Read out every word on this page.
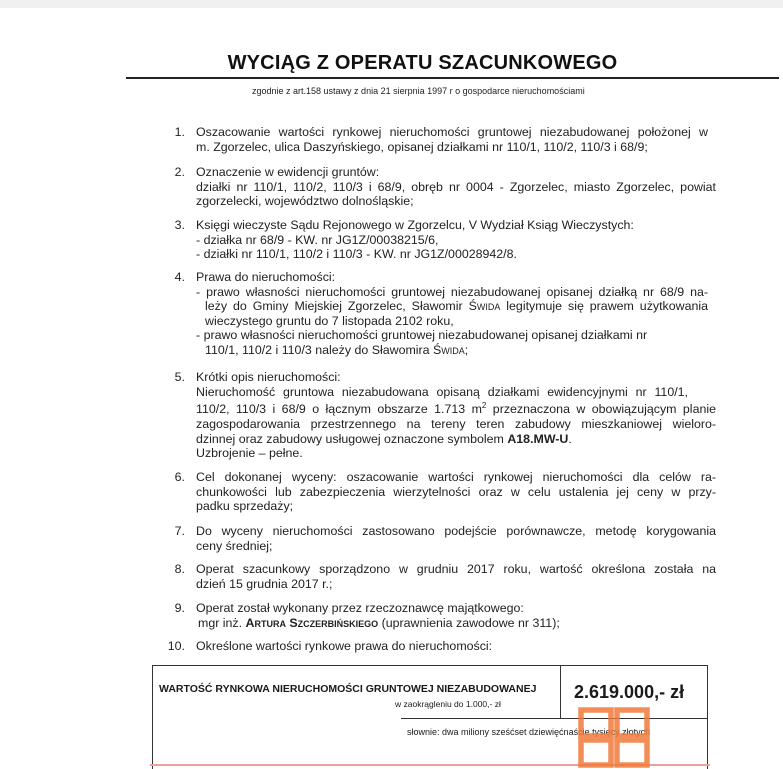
WYCIĄG Z OPERATU SZACUNKOWEGO
zgodnie z art.158 ustawy z dnia 21 sierpnia 1997 r o gospodarce nieruchomościami
1. Oszacowanie wartości rynkowej nieruchomości gruntowej niezabudowanej położonej w
m. Zgorzelec, ulica Daszyńskiego, opisanej działkami nr 110/1, 110/2, 110/3 i 68/9;
2. Oznaczenie w ewidencji gruntów:
działki nr 110/1, 110/2, 110/3 i 68/9, obręb nr 0004 - Zgorzelec, miasto Zgorzelec, powiat
zgorzelecki, województwo dolnośląskie;
3. Księgi wieczyste Sądu Rejonowego w Zgorzelcu, V Wydział Ksiąg Wieczystych:
- działka nr 68/9 - KW. nr JG1Z/00038215/6,
- działki nr 110/1, 110/2 i 110/3 - KW. nr JG1Z/00028942/8.
4. Prawa do nieruchomości:
- prawo własności nieruchomości gruntowej niezabudowanej opisanej działką nr 68/9 na-
leży do Gminy Miejskiej Zgorzelec, Sławomir Świda legitymuje się prawem użytkowania
wieczystego gruntu do 7 listopada 2102 roku,
- prawo własności nieruchomości gruntowej niezabudowanej opisanej działkami nr
110/1, 110/2 i 110/3 należy do Sławomira Świda;
5. Krótki opis nieruchomości:
Nieruchomość gruntowa niezabudowana opisaną działkami ewidencyjnymi nr 110/1,
110/2, 110/3 i 68/9 o łącznym obszarze 1.713 $m^2$ przeznaczona w obowiązującym planie
zagospodarowania przestrzennego na tereny teren zabudowy mieszkaniowej wieloro-
dzinnej oraz zabudowy usługowej oznaczone symbolem A18.MW-U.
Uzbrojenie – pełne.
6. Cel dokonanej wyceny: oszacowanie wartości rynkowej nieruchomości dla celów ra-
chunkowości lub zabezpieczenia wierzytelności oraz w celu ustalenia jej ceny w przy-
padku sprzedaży;
7. Do wyceny nieruchomości zastosowano podejście porównawcze, metodę korygowania
ceny średniej;
8. Operat szacunkowy sporządzono w grudniu 2017 roku, wartość określona została na
dzień 15 grudnia 2017 r.;
9. Operat został wykonany przez rzeczoznawcę majątkowego:
mgr inż. Artura Szczerbińskiego (uprawnienia zawodowe nr 311);
10. Określone wartości rynkowe prawa do nieruchomości:
WARTOŚĆ RYNKOWA NIERUCHOMOŚCI GRUNTOWEJ NIEZABUDOWANEJ
w zaokrągleniu do 1.000,- zł
2.619.000,- zł
słownie: dwa miliony sześćset dziewięćnaście tysięcy złotych
